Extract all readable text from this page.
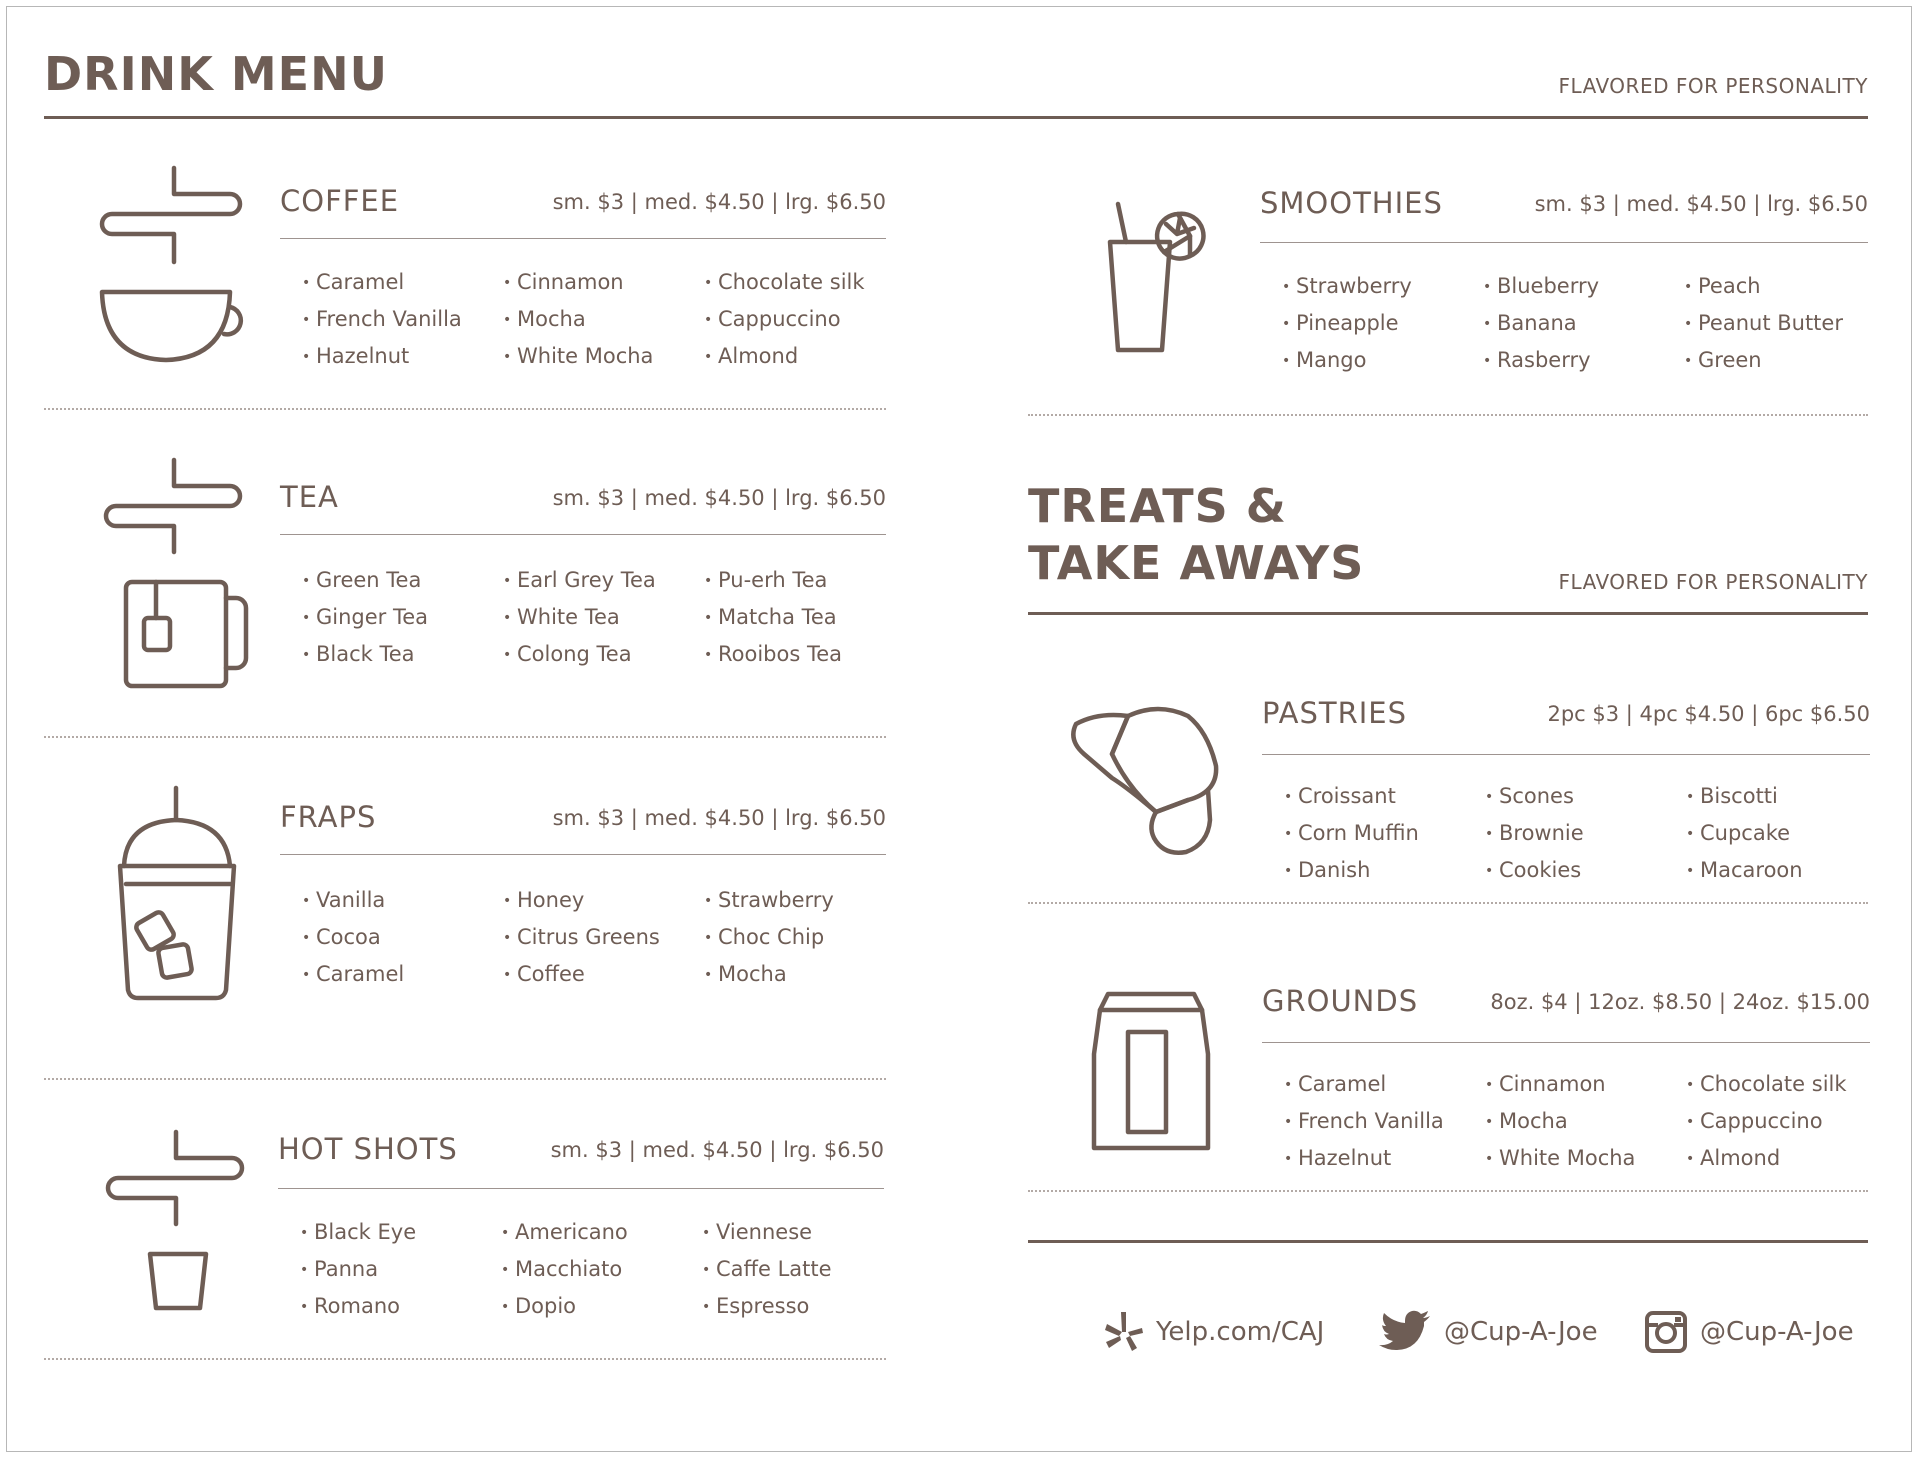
DRINK MENU	FLAVORED FOR PERSONALITY
COFFEE	sm. $3 | med. $4.50 | lrg. $6.50
• Caramel	• Cinnamon	• Chocolate silk
• French Vanilla	• Mocha	• Cappuccino
• Hazelnut	• White Mocha	• Almond
TEA	sm. $3 | med. $4.50 | lrg. $6.50
• Green Tea	• Earl Grey Tea	• Pu-erh Tea
• Ginger Tea	• White Tea	• Matcha Tea
• Black Tea	• Colong Tea	• Rooibos Tea
FRAPS	sm. $3 | med. $4.50 | lrg. $6.50
• Vanilla	• Honey	• Strawberry
• Cocoa	• Citrus Greens	• Choc Chip
• Caramel	• Coffee	• Mocha
HOT SHOTS	sm. $3 | med. $4.50 | lrg. $6.50
• Black Eye	• Americano	• Viennese
• Panna	• Macchiato	• Caffe Latte
• Romano	• Dopio	• Espresso
SMOOTHIES	sm. $3 | med. $4.50 | lrg. $6.50
• Strawberry	• Blueberry	• Peach
• Pineapple	• Banana	• Peanut Butter
• Mango	• Rasberry	• Green
TREATS &
TAKE AWAYS	FLAVORED FOR PERSONALITY
PASTRIES	2pc $3 | 4pc $4.50 | 6pc $6.50
• Croissant	• Scones	• Biscotti
• Corn Muffin	• Brownie	• Cupcake
• Danish	• Cookies	• Macaroon
GROUNDS	8oz. $4 | 12oz. $8.50 | 24oz. $15.00
• Caramel	• Cinnamon	• Chocolate silk
• French Vanilla	• Mocha	• Cappuccino
• Hazelnut	• White Mocha	• Almond
Yelp.com/CAJ	@Cup-A-Joe	@Cup-A-Joe
